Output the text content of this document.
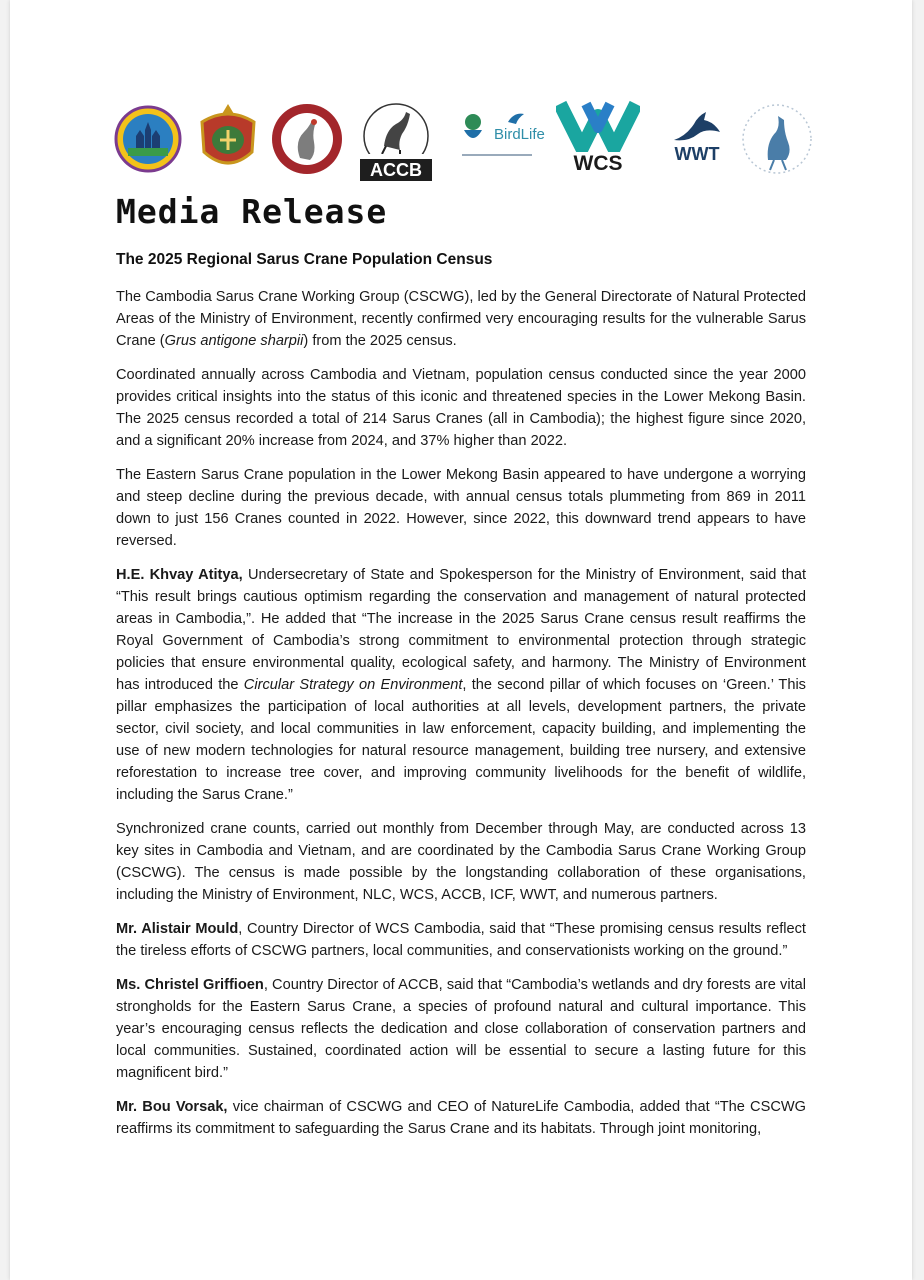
ACCB
BirdLife
WCS	WWT
Media Release
The 2025 Regional Sarus Crane Population Census

The Cambodia Sarus Crane Working Group (CSCWG), led by the General Directorate of Natural Protected Areas of the Ministry of Environment, recently confirmed very encouraging results for the vulnerable Sarus Crane (Grus antigone sharpii) from the 2025 census.

Coordinated annually across Cambodia and Vietnam, population census conducted since the year 2000 provides critical insights into the status of this iconic and threatened species in the Lower Mekong Basin. The 2025 census recorded a total of 214 Sarus Cranes (all in Cambodia); the highest figure since 2020, and a significant 20% increase from 2024, and 37% higher than 2022.

The Eastern Sarus Crane population in the Lower Mekong Basin appeared to have undergone a worrying and steep decline during the previous decade, with annual census totals plummeting from 869 in 2011 down to just 156 Cranes counted in 2022. However, since 2022, this downward trend appears to have reversed.

H.E. Khvay Atitya, Undersecretary of State and Spokesperson for the Ministry of Environment, said that “This result brings cautious optimism regarding the conservation and management of natural protected areas in Cambodia,”. He added that “The increase in the 2025 Sarus Crane census result reaffirms the Royal Government of Cambodia’s strong commitment to environmental protection through strategic policies that ensure environmental quality, ecological safety, and harmony. The Ministry of Environment has introduced the Circular Strategy on Environment, the second pillar of which focuses on ‘Green.’ This pillar emphasizes the participation of local authorities at all levels, development partners, the private sector, civil society, and local communities in law enforcement, capacity building, and implementing the use of new modern technologies for natural resource management, building tree nursery, and extensive reforestation to increase tree cover, and improving community livelihoods for the benefit of wildlife, including the Sarus Crane.”

Synchronized crane counts, carried out monthly from December through May, are conducted across 13 key sites in Cambodia and Vietnam, and are coordinated by the Cambodia Sarus Crane Working Group (CSCWG). The census is made possible by the longstanding collaboration of these organisations, including the Ministry of Environment, NLC, WCS, ACCB, ICF, WWT, and numerous partners.

Mr. Alistair Mould, Country Director of WCS Cambodia, said that “These promising census results reflect the tireless efforts of CSCWG partners, local communities, and conservationists working on the ground.”

Ms. Christel Griffioen, Country Director of ACCB, said that “Cambodia’s wetlands and dry forests are vital strongholds for the Eastern Sarus Crane, a species of profound natural and cultural importance. This year’s encouraging census reflects the dedication and close collaboration of conservation partners and local communities. Sustained, coordinated action will be essential to secure a lasting future for this magnificent bird.”

Mr. Bou Vorsak, vice chairman of CSCWG and CEO of NatureLife Cambodia, added that “The CSCWG reaffirms its commitment to safeguarding the Sarus Crane and its habitats. Through joint monitoring,
